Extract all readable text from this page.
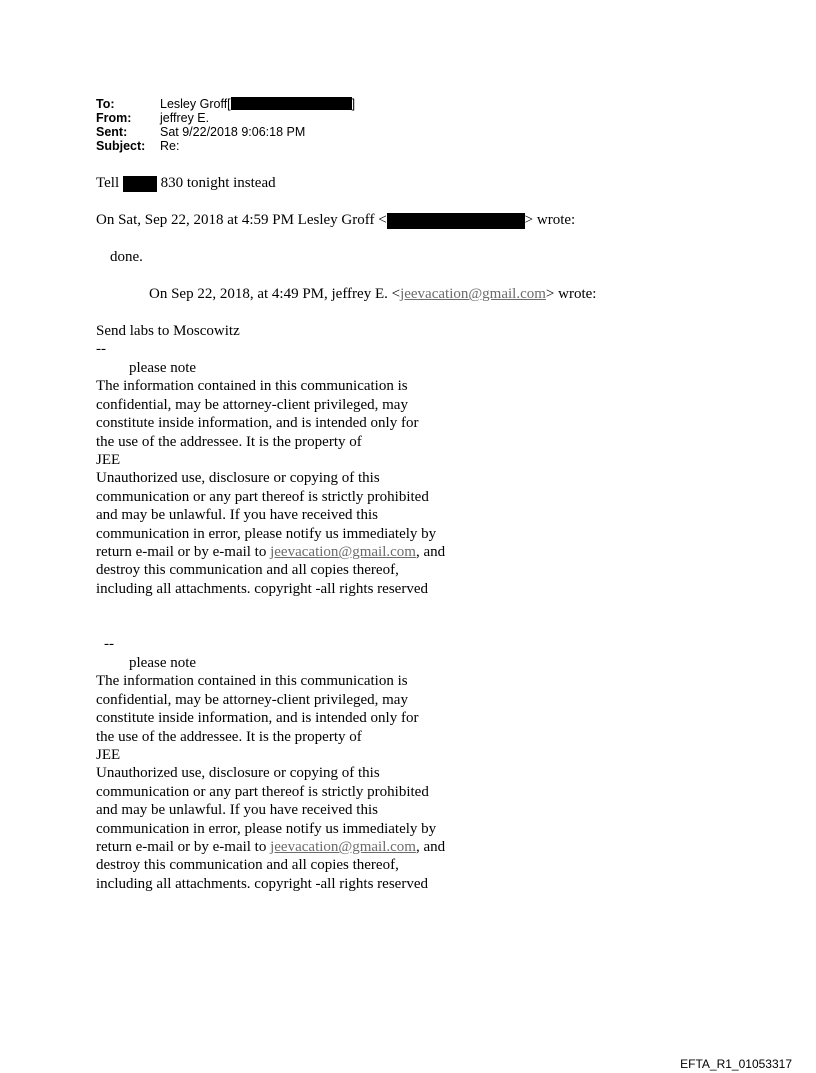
To:	Lesley Groff[	]
From:	jeffrey E.
Sent:	Sat 9/22/2018 9:06:18 PM
Subject:	Re:
Tell	830 tonight instead
On Sat, Sep 22, 2018 at 4:59 PM Lesley Groff <	> wrote:
done.
On Sep 22, 2018, at 4:49 PM, jeffrey E. <jeevacation@gmail.com> wrote:
Send labs to Moscowitz
--
please note
The information contained in this communication is
confidential, may be attorney-client privileged, may
constitute inside information, and is intended only for
the use of the addressee. It is the property of
JEE
Unauthorized use, disclosure or copying of this
communication or any part thereof is strictly prohibited
and may be unlawful. If you have received this
communication in error, please notify us immediately by
return e-mail or by e-mail to jeevacation@gmail.com, and
destroy this communication and all copies thereof,
including all attachments. copyright -all rights reserved
--
please note
The information contained in this communication is
confidential, may be attorney-client privileged, may
constitute inside information, and is intended only for
the use of the addressee. It is the property of
JEE
Unauthorized use, disclosure or copying of this
communication or any part thereof is strictly prohibited
and may be unlawful. If you have received this
communication in error, please notify us immediately by
return e-mail or by e-mail to jeevacation@gmail.com, and
destroy this communication and all copies thereof,
including all attachments. copyright -all rights reserved
EFTA_R1_01053317
